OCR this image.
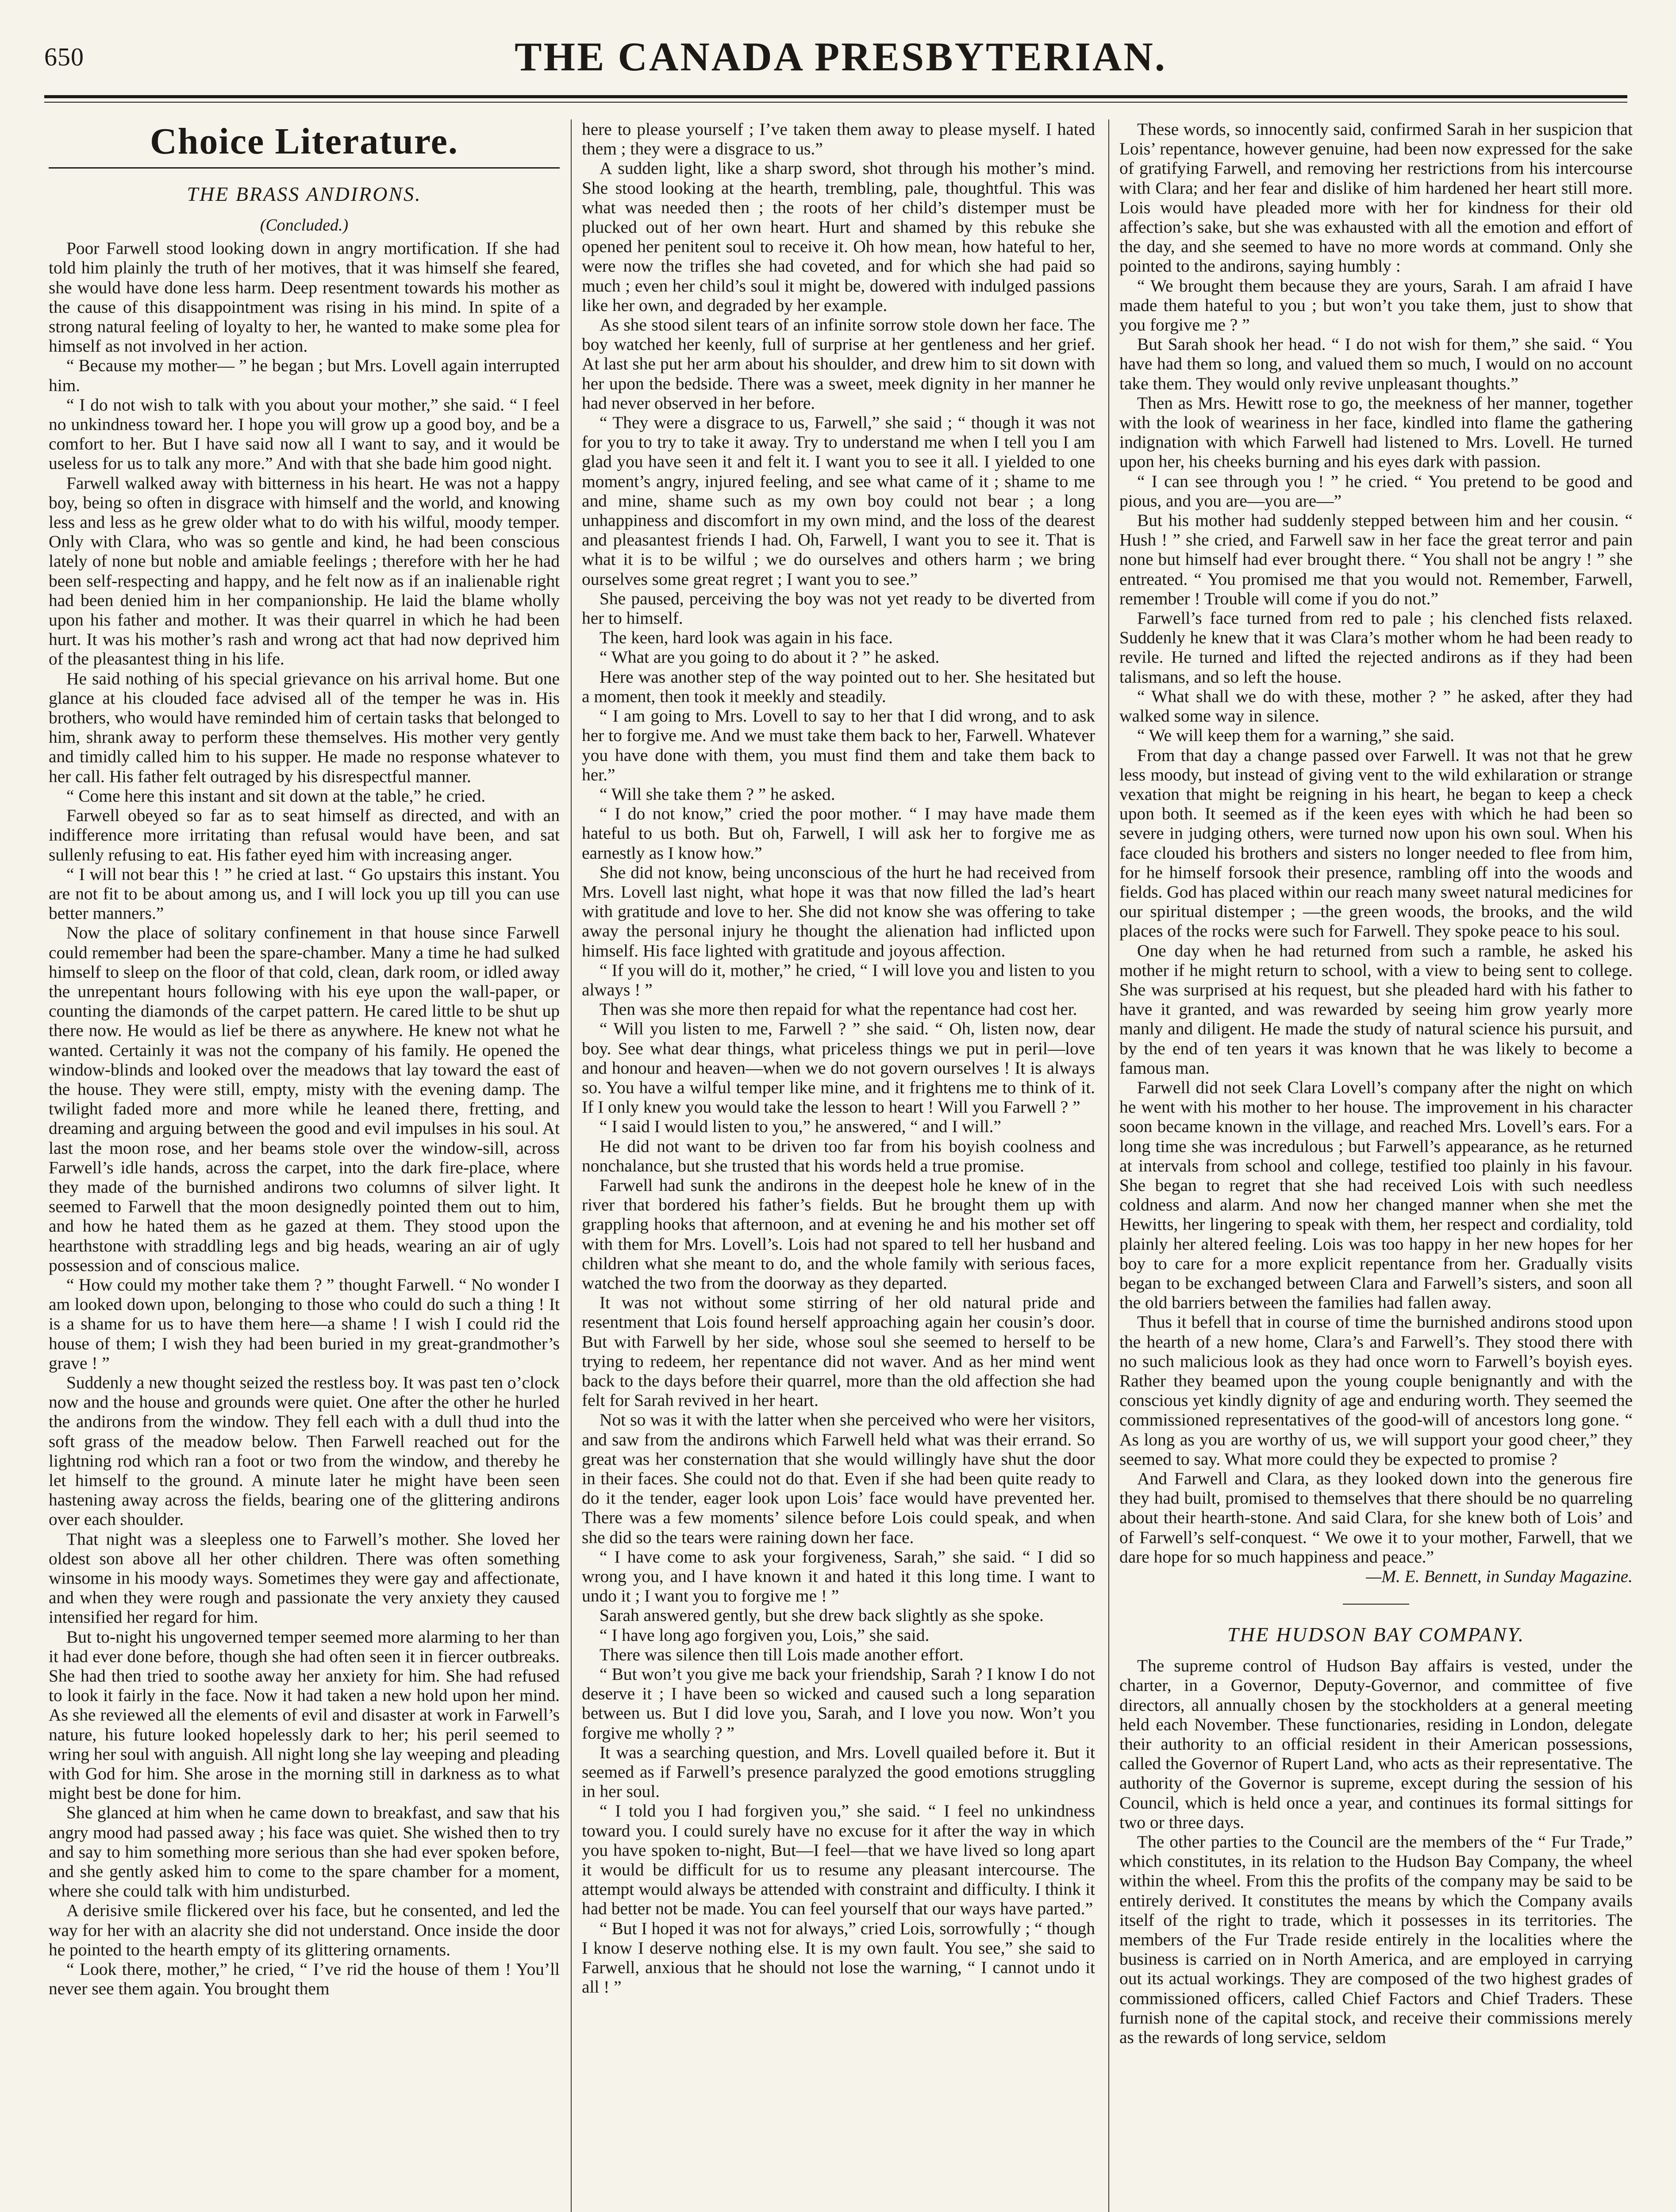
650	THE CANADA PRESBYTERIAN.
Choice Literature.
THE BRASS ANDIRONS.
(Concluded.)

Poor Farwell stood looking down in angry mortification. If she had told him plainly the truth of her motives, that it was himself she feared, she would have done less harm. Deep resentment towards his mother as the cause of this disappointment was rising in his mind. In spite of a strong natural feeling of loyalty to her, he wanted to make some plea for himself as not involved in her action.

“ Because my mother— ” he began ; but Mrs. Lovell again interrupted him.

“ I do not wish to talk with you about your mother,” she said. “ I feel no unkindness toward her. I hope you will grow up a good boy, and be a comfort to her. But I have said now all I want to say, and it would be useless for us to talk any more.” And with that she bade him good night.

Farwell walked away with bitterness in his heart. He was not a happy boy, being so often in disgrace with himself and the world, and knowing less and less as he grew older what to do with his wilful, moody temper. Only with Clara, who was so gentle and kind, he had been conscious lately of none but noble and amiable feelings ; therefore with her he had been self-respecting and happy, and he felt now as if an inalienable right had been denied him in her companionship. He laid the blame wholly upon his father and mother. It was their quarrel in which he had been hurt. It was his mother’s rash and wrong act that had now deprived him of the pleasantest thing in his life.

He said nothing of his special grievance on his arrival home. But one glance at his clouded face advised all of the temper he was in. His brothers, who would have reminded him of certain tasks that belonged to him, shrank away to perform these themselves. His mother very gently and timidly called him to his supper. He made no response whatever to her call. His father felt outraged by his disrespectful manner.

“ Come here this instant and sit down at the table,” he cried.

Farwell obeyed so far as to seat himself as directed, and with an indifference more irritating than refusal would have been, and sat sullenly refusing to eat. His father eyed him with increasing anger.

“ I will not bear this ! ” he cried at last. “ Go upstairs this instant. You are not fit to be about among us, and I will lock you up till you can use better manners.”

Now the place of solitary confinement in that house since Farwell could remember had been the spare-chamber. Many a time he had sulked himself to sleep on the floor of that cold, clean, dark room, or idled away the unrepentant hours following with his eye upon the wall-paper, or counting the diamonds of the carpet pattern. He cared little to be shut up there now. He would as lief be there as anywhere. He knew not what he wanted. Certainly it was not the company of his family. He opened the window-blinds and looked over the meadows that lay toward the east of the house. They were still, empty, misty with the evening damp. The twilight faded more and more while he leaned there, fretting, and dreaming and arguing between the good and evil impulses in his soul. At last the moon rose, and her beams stole over the window-sill, across Farwell’s idle hands, across the carpet, into the dark fire-place, where they made of the burnished andirons two columns of silver light. It seemed to Farwell that the moon designedly pointed them out to him, and how he hated them as he gazed at them. They stood upon the hearthstone with straddling legs and big heads, wearing an air of ugly possession and of conscious malice.

“ How could my mother take them ? ” thought Farwell. “ No wonder I am looked down upon, belonging to those who could do such a thing ! It is a shame for us to have them here—a shame ! I wish I could rid the house of them; I wish they had been buried in my great-grandmother’s grave ! ”

Suddenly a new thought seized the restless boy. It was past ten o’clock now and the house and grounds were quiet. One after the other he hurled the andirons from the window. They fell each with a dull thud into the soft grass of the meadow below. Then Farwell reached out for the lightning rod which ran a foot or two from the window, and thereby he let himself to the ground. A minute later he might have been seen hastening away across the fields, bearing one of the glittering andirons over each shoulder.

That night was a sleepless one to Farwell’s mother. She loved her oldest son above all her other children. There was often something winsome in his moody ways. Sometimes they were gay and affectionate, and when they were rough and passionate the very anxiety they caused intensified her regard for him.

But to-night his ungoverned temper seemed more alarming to her than it had ever done before, though she had often seen it in fiercer outbreaks. She had then tried to soothe away her anxiety for him. She had refused to look it fairly in the face. Now it had taken a new hold upon her mind. As she reviewed all the elements of evil and disaster at work in Farwell’s nature, his future looked hopelessly dark to her; his peril seemed to wring her soul with anguish. All night long she lay weeping and pleading with God for him. She arose in the morning still in darkness as to what might best be done for him.

She glanced at him when he came down to breakfast, and saw that his angry mood had passed away ; his face was quiet. She wished then to try and say to him something more serious than she had ever spoken before, and she gently asked him to come to the spare chamber for a moment, where she could talk with him undisturbed.

A derisive smile flickered over his face, but he consented, and led the way for her with an alacrity she did not understand. Once inside the door he pointed to the hearth empty of its glittering ornaments.

“ Look there, mother,” he cried, “ I’ve rid the house of them ! You’ll never see them again. You brought them

here to please yourself ; I’ve taken them away to please myself. I hated them ; they were a disgrace to us.”

A sudden light, like a sharp sword, shot through his mother’s mind. She stood looking at the hearth, trembling, pale, thoughtful. This was what was needed then ; the roots of her child’s distemper must be plucked out of her own heart. Hurt and shamed by this rebuke she opened her penitent soul to receive it. Oh how mean, how hateful to her, were now the trifles she had coveted, and for which she had paid so much ; even her child’s soul it might be, dowered with indulged passions like her own, and degraded by her example.

As she stood silent tears of an infinite sorrow stole down her face. The boy watched her keenly, full of surprise at her gentleness and her grief. At last she put her arm about his shoulder, and drew him to sit down with her upon the bedside. There was a sweet, meek dignity in her manner he had never observed in her before.

“ They were a disgrace to us, Farwell,” she said ; “ though it was not for you to try to take it away. Try to understand me when I tell you I am glad you have seen it and felt it. I want you to see it all. I yielded to one moment’s angry, injured feeling, and see what came of it ; shame to me and mine, shame such as my own boy could not bear ; a long unhappiness and discomfort in my own mind, and the loss of the dearest and pleasantest friends I had. Oh, Farwell, I want you to see it. That is what it is to be wilful ; we do ourselves and others harm ; we bring ourselves some great regret ; I want you to see.”

She paused, perceiving the boy was not yet ready to be diverted from her to himself.

The keen, hard look was again in his face.

“ What are you going to do about it ? ” he asked.

Here was another step of the way pointed out to her. She hesitated but a moment, then took it meekly and steadily.

“ I am going to Mrs. Lovell to say to her that I did wrong, and to ask her to forgive me. And we must take them back to her, Farwell. Whatever you have done with them, you must find them and take them back to her.”

“ Will she take them ? ” he asked.

“ I do not know,” cried the poor mother. “ I may have made them hateful to us both. But oh, Farwell, I will ask her to forgive me as earnestly as I know how.”

She did not know, being unconscious of the hurt he had received from Mrs. Lovell last night, what hope it was that now filled the lad’s heart with gratitude and love to her. She did not know she was offering to take away the personal injury he thought the alienation had inflicted upon himself. His face lighted with gratitude and joyous affection.

“ If you will do it, mother,” he cried, “ I will love you and listen to you always ! ”

Then was she more then repaid for what the repentance had cost her.

“ Will you listen to me, Farwell ? ” she said. “ Oh, listen now, dear boy. See what dear things, what priceless things we put in peril—love and honour and heaven—when we do not govern ourselves ! It is always so. You have a wilful temper like mine, and it frightens me to think of it. If I only knew you would take the lesson to heart ! Will you Farwell ? ”

“ I said I would listen to you,” he answered, “ and I will.”

He did not want to be driven too far from his boyish coolness and nonchalance, but she trusted that his words held a true promise.

Farwell had sunk the andirons in the deepest hole he knew of in the river that bordered his father’s fields. But he brought them up with grappling hooks that afternoon, and at evening he and his mother set off with them for Mrs. Lovell’s. Lois had not spared to tell her husband and children what she meant to do, and the whole family with serious faces, watched the two from the doorway as they departed.

It was not without some stirring of her old natural pride and resentment that Lois found herself approaching again her cousin’s door. But with Farwell by her side, whose soul she seemed to herself to be trying to redeem, her repentance did not waver. And as her mind went back to the days before their quarrel, more than the old affection she had felt for Sarah revived in her heart.

Not so was it with the latter when she perceived who were her visitors, and saw from the andirons which Farwell held what was their errand. So great was her consternation that she would willingly have shut the door in their faces. She could not do that. Even if she had been quite ready to do it the tender, eager look upon Lois’ face would have prevented her. There was a few moments’ silence before Lois could speak, and when she did so the tears were raining down her face.

“ I have come to ask your forgiveness, Sarah,” she said. “ I did so wrong you, and I have known it and hated it this long time. I want to undo it ; I want you to forgive me ! ”

Sarah answered gently, but she drew back slightly as she spoke.

“ I have long ago forgiven you, Lois,” she said.

There was silence then till Lois made another effort.

“ But won’t you give me back your friendship, Sarah ? I know I do not deserve it ; I have been so wicked and caused such a long separation between us. But I did love you, Sarah, and I love you now. Won’t you forgive me wholly ? ”

It was a searching question, and Mrs. Lovell quailed before it. But it seemed as if Farwell’s presence paralyzed the good emotions struggling in her soul.

“ I told you I had forgiven you,” she said. “ I feel no unkindness toward you. I could surely have no excuse for it after the way in which you have spoken to-night, But—I feel—that we have lived so long apart it would be difficult for us to resume any pleasant intercourse. The attempt would always be attended with constraint and difficulty. I think it had better not be made. You can feel yourself that our ways have parted.”

“ But I hoped it was not for always,” cried Lois, sorrowfully ; “ though I know I deserve nothing else. It is my own fault. You see,” she said to Farwell, anxious that he should not lose the warning, “ I cannot undo it all ! ”

These words, so innocently said, confirmed Sarah in her suspicion that Lois’ repentance, however genuine, had been now expressed for the sake of gratifying Farwell, and removing her restrictions from his intercourse with Clara; and her fear and dislike of him hardened her heart still more. Lois would have pleaded more with her for kindness for their old affection’s sake, but she was exhausted with all the emotion and effort of the day, and she seemed to have no more words at command. Only she pointed to the andirons, saying humbly :

“ We brought them because they are yours, Sarah. I am afraid I have made them hateful to you ; but won’t you take them, just to show that you forgive me ? ”

But Sarah shook her head. “ I do not wish for them,” she said. “ You have had them so long, and valued them so much, I would on no account take them. They would only revive unpleasant thoughts.”

Then as Mrs. Hewitt rose to go, the meekness of her manner, together with the look of weariness in her face, kindled into flame the gathering indignation with which Farwell had listened to Mrs. Lovell. He turned upon her, his cheeks burning and his eyes dark with passion.

“ I can see through you ! ” he cried. “ You pretend to be good and pious, and you are—you are—”

But his mother had suddenly stepped between him and her cousin. “ Hush ! ” she cried, and Farwell saw in her face the great terror and pain none but himself had ever brought there. “ You shall not be angry ! ” she entreated. “ You promised me that you would not. Remember, Farwell, remember ! Trouble will come if you do not.”

Farwell’s face turned from red to pale ; his clenched fists relaxed. Suddenly he knew that it was Clara’s mother whom he had been ready to revile. He turned and lifted the rejected andirons as if they had been talismans, and so left the house.

“ What shall we do with these, mother ? ” he asked, after they had walked some way in silence.

“ We will keep them for a warning,” she said.

From that day a change passed over Farwell. It was not that he grew less moody, but instead of giving vent to the wild exhilaration or strange vexation that might be reigning in his heart, he began to keep a check upon both. It seemed as if the keen eyes with which he had been so severe in judging others, were turned now upon his own soul. When his face clouded his brothers and sisters no longer needed to flee from him, for he himself forsook their presence, rambling off into the woods and fields. God has placed within our reach many sweet natural medicines for our spiritual distemper ; —the green woods, the brooks, and the wild places of the rocks were such for Farwell. They spoke peace to his soul.

One day when he had returned from such a ramble, he asked his mother if he might return to school, with a view to being sent to college. She was surprised at his request, but she pleaded hard with his father to have it granted, and was rewarded by seeing him grow yearly more manly and diligent. He made the study of natural science his pursuit, and by the end of ten years it was known that he was likely to become a famous man.

Farwell did not seek Clara Lovell’s company after the night on which he went with his mother to her house. The improvement in his character soon became known in the village, and reached Mrs. Lovell’s ears. For a long time she was incredulous ; but Farwell’s appearance, as he returned at intervals from school and college, testified too plainly in his favour. She began to regret that she had received Lois with such needless coldness and alarm. And now her changed manner when she met the Hewitts, her lingering to speak with them, her respect and cordiality, told plainly her altered feeling. Lois was too happy in her new hopes for her boy to care for a more explicit repentance from her. Gradually visits began to be exchanged between Clara and Farwell’s sisters, and soon all the old barriers between the families had fallen away.

Thus it befell that in course of time the burnished andirons stood upon the hearth of a new home, Clara’s and Farwell’s. They stood there with no such malicious look as they had once worn to Farwell’s boyish eyes. Rather they beamed upon the young couple benignantly and with the conscious yet kindly dignity of age and enduring worth. They seemed the commissioned representatives of the good-will of ancestors long gone. “ As long as you are worthy of us, we will support your good cheer,” they seemed to say. What more could they be expected to promise ?

And Farwell and Clara, as they looked down into the generous fire they had built, promised to themselves that there should be no quarreling about their hearth-stone. And said Clara, for she knew both of Lois’ and of Farwell’s self-conquest. “ We owe it to your mother, Farwell, that we dare hope for so much happiness and peace.”

—M. E. Bennett, in Sunday Magazine.

THE HUDSON BAY COMPANY.

The supreme control of Hudson Bay affairs is vested, under the charter, in a Governor, Deputy-Governor, and committee of five directors, all annually chosen by the stockholders at a general meeting held each November. These functionaries, residing in London, delegate their authority to an official resident in their American possessions, called the Governor of Rupert Land, who acts as their representative. The authority of the Governor is supreme, except during the session of his Council, which is held once a year, and continues its formal sittings for two or three days.

The other parties to the Council are the members of the “ Fur Trade,” which constitutes, in its relation to the Hudson Bay Company, the wheel within the wheel. From this the profits of the company may be said to be entirely derived. It constitutes the means by which the Company avails itself of the right to trade, which it possesses in its territories. The members of the Fur Trade reside entirely in the localities where the business is carried on in North America, and are employed in carrying out its actual workings. They are composed of the two highest grades of commissioned officers, called Chief Factors and Chief Traders. These furnish none of the capital stock, and receive their commissions merely as the rewards of long service, seldom
